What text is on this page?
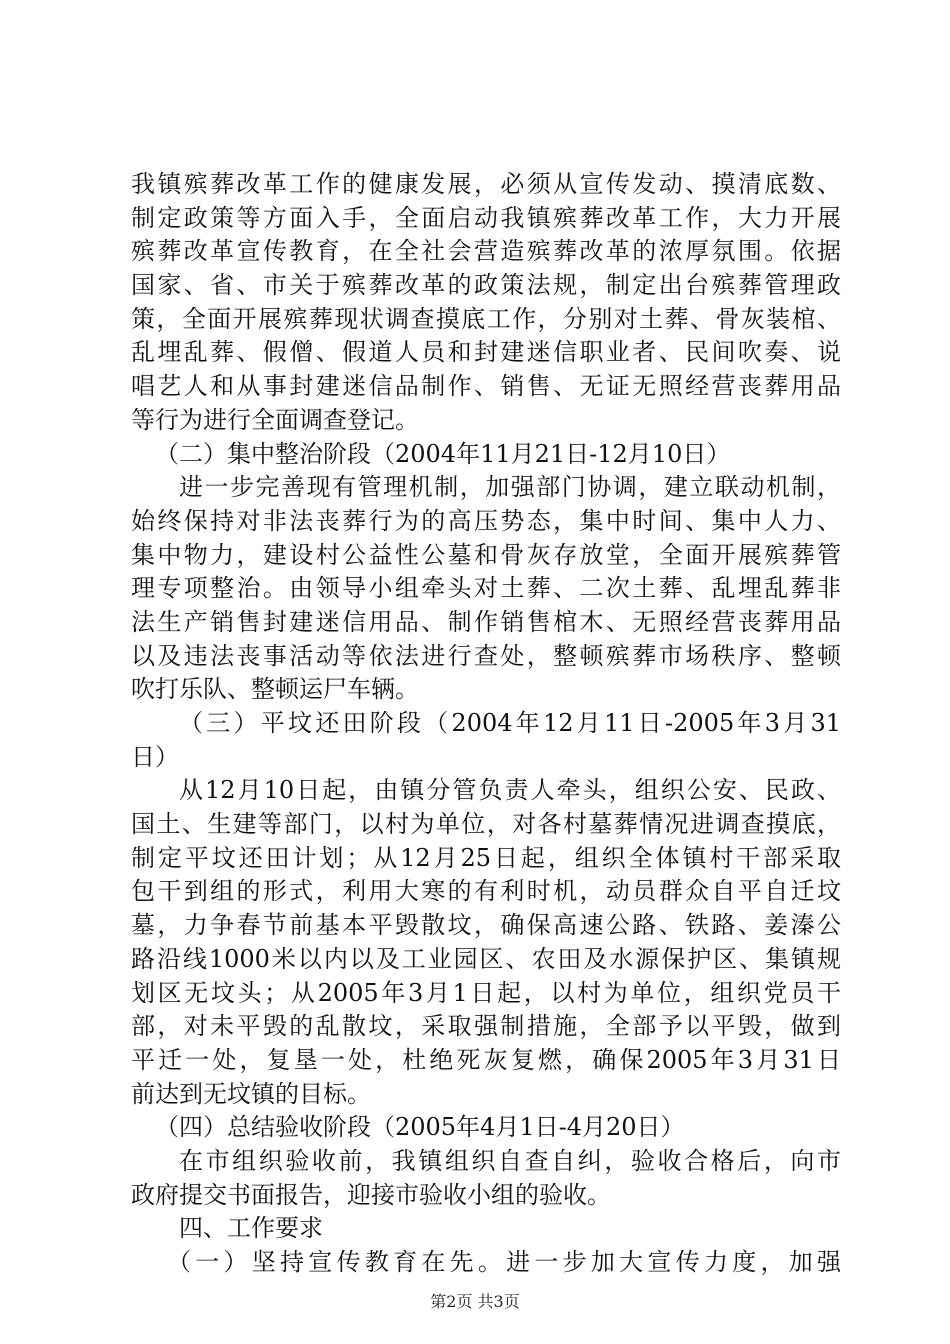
我镇殡葬改革工作的健康发展，必须从宣传发动、摸清底数、
制定政策等方面入手，全面启动我镇殡葬改革工作，大力开展
殡葬改革宣传教育，在全社会营造殡葬改革的浓厚氛围。依据
国家、省、市关于殡葬改革的政策法规，制定出台殡葬管理政
策，全面开展殡葬现状调查摸底工作，分别对土葬、骨灰装棺、
乱埋乱葬、假僧、假道人员和封建迷信职业者、民间吹奏、说
唱艺人和从事封建迷信品制作、销售、无证无照经营丧葬用品
等行为进行全面调查登记。
（二）集中整治阶段（2004年11月21日-12月10日）
进一步完善现有管理机制，加强部门协调，建立联动机制，
始终保持对非法丧葬行为的高压势态，集中时间、集中人力、
集中物力，建设村公益性公墓和骨灰存放堂，全面开展殡葬管
理专项整治。由领导小组牵头对土葬、二次土葬、乱埋乱葬非
法生产销售封建迷信用品、制作销售棺木、无照经营丧葬用品
以及违法丧事活动等依法进行查处，整顿殡葬市场秩序、整顿
吹打乐队、整顿运尸车辆。
（三）平坟还田阶段（2004年12月11日-2005年3月31
日）
从12月10日起，由镇分管负责人牵头，组织公安、民政、
国土、生建等部门，以村为单位，对各村墓葬情况进调查摸底，
制定平坟还田计划；从12月25日起，组织全体镇村干部采取
包干到组的形式，利用大寒的有利时机，动员群众自平自迁坟
墓，力争春节前基本平毁散坟，确保高速公路、铁路、姜溱公
路沿线1000米以内以及工业园区、农田及水源保护区、集镇规
划区无坟头；从2005年3月1日起，以村为单位，组织党员干
部，对未平毁的乱散坟，采取强制措施，全部予以平毁，做到
平迁一处，复垦一处，杜绝死灰复燃，确保2005年3月31日
前达到无坟镇的目标。
（四）总结验收阶段（2005年4月1日-4月20日）
在市组织验收前，我镇组织自查自纠，验收合格后，向市
政府提交书面报告，迎接市验收小组的验收。
四、工作要求
（一）坚持宣传教育在先。进一步加大宣传力度，加强
第2页 共3页
